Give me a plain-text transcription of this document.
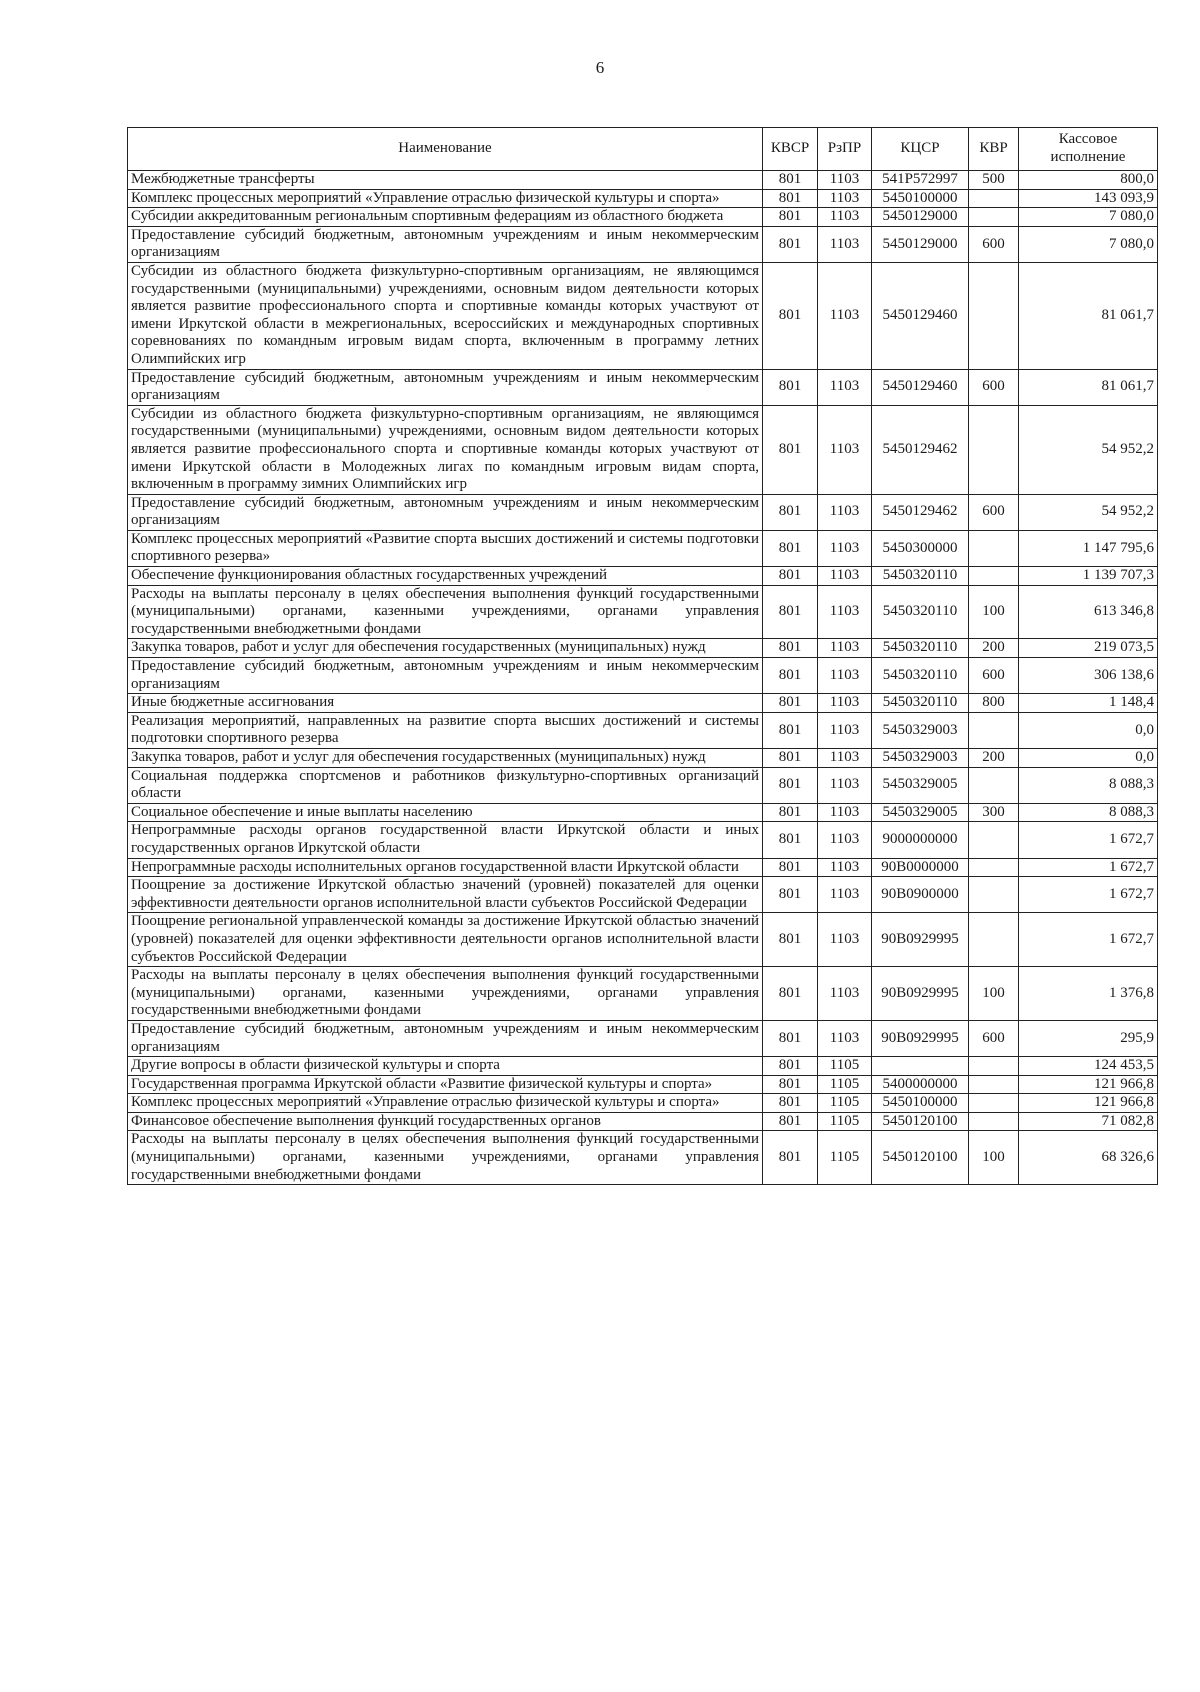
6
Наименование	КВСР	РзПР	КЦСР	КВР	Кассовое исполнение
Межбюджетные трансферты	801	1103	541P572997	500	800,0
Комплекс процессных мероприятий «Управление отраслью физической культуры и спорта»	801	1103	5450100000		143 093,9
Субсидии аккредитованным региональным спортивным федерациям из областного бюджета	801	1103	5450129000		7 080,0
Предоставление субсидий бюджетным, автономным учреждениям и иным некоммерческим организациям	801	1103	5450129000	600	7 080,0
Субсидии из областного бюджета физкультурно-спортивным организациям, не являющимся государственными (муниципальными) учреждениями, основным видом деятельности которых является развитие профессионального спорта и спортивные команды которых участвуют от имени Иркутской области в межрегиональных, всероссийских и международных спортивных соревнованиях по командным игровым видам спорта, включенным в программу летних Олимпийских игр	801	1103	5450129460		81 061,7
Предоставление субсидий бюджетным, автономным учреждениям и иным некоммерческим организациям	801	1103	5450129460	600	81 061,7
Субсидии из областного бюджета физкультурно-спортивным организациям, не являющимся государственными (муниципальными) учреждениями, основным видом деятельности которых является развитие профессионального спорта и спортивные команды которых участвуют от имени Иркутской области в Молодежных лигах по командным игровым видам спорта, включенным в программу зимних Олимпийских игр	801	1103	5450129462		54 952,2
Предоставление субсидий бюджетным, автономным учреждениям и иным некоммерческим организациям	801	1103	5450129462	600	54 952,2
Комплекс процессных мероприятий «Развитие спорта высших достижений и системы подготовки спортивного резерва»	801	1103	5450300000		1 147 795,6
Обеспечение функционирования областных государственных учреждений	801	1103	5450320110		1 139 707,3
Расходы на выплаты персоналу в целях обеспечения выполнения функций государственными (муниципальными) органами, казенными учреждениями, органами управления государственными внебюджетными фондами	801	1103	5450320110	100	613 346,8
Закупка товаров, работ и услуг для обеспечения государственных (муниципальных) нужд	801	1103	5450320110	200	219 073,5
Предоставление субсидий бюджетным, автономным учреждениям и иным некоммерческим организациям	801	1103	5450320110	600	306 138,6
Иные бюджетные ассигнования	801	1103	5450320110	800	1 148,4
Реализация мероприятий, направленных на развитие спорта высших достижений и системы подготовки спортивного резерва	801	1103	5450329003		0,0
Закупка товаров, работ и услуг для обеспечения государственных (муниципальных) нужд	801	1103	5450329003	200	0,0
Социальная поддержка спортсменов и работников физкультурно-спортивных организаций области	801	1103	5450329005		8 088,3
Социальное обеспечение и иные выплаты населению	801	1103	5450329005	300	8 088,3
Непрограммные расходы органов государственной власти Иркутской области и иных государственных органов Иркутской области	801	1103	9000000000		1 672,7
Непрограммные расходы исполнительных органов государственной власти Иркутской области	801	1103	90В0000000		1 672,7
Поощрение за достижение Иркутской областью значений (уровней) показателей для оценки эффективности деятельности органов исполнительной власти субъектов Российской Федерации	801	1103	90В0900000		1 672,7
Поощрение региональной управленческой команды за достижение Иркутской областью значений (уровней) показателей для оценки эффективности деятельности органов исполнительной власти субъектов Российской Федерации	801	1103	90В0929995		1 672,7
Расходы на выплаты персоналу в целях обеспечения выполнения функций государственными (муниципальными) органами, казенными учреждениями, органами управления государственными внебюджетными фондами	801	1103	90В0929995	100	1 376,8
Предоставление субсидий бюджетным, автономным учреждениям и иным некоммерческим организациям	801	1103	90В0929995	600	295,9
Другие вопросы в области физической культуры и спорта	801	1105			124 453,5
Государственная программа Иркутской области «Развитие физической культуры и спорта»	801	1105	5400000000		121 966,8
Комплекс процессных мероприятий «Управление отраслью физической культуры и спорта»	801	1105	5450100000		121 966,8
Финансовое обеспечение выполнения функций государственных органов	801	1105	5450120100		71 082,8
Расходы на выплаты персоналу в целях обеспечения выполнения функций государственными (муниципальными) органами, казенными учреждениями, органами управления государственными внебюджетными фондами	801	1105	5450120100	100	68 326,6
